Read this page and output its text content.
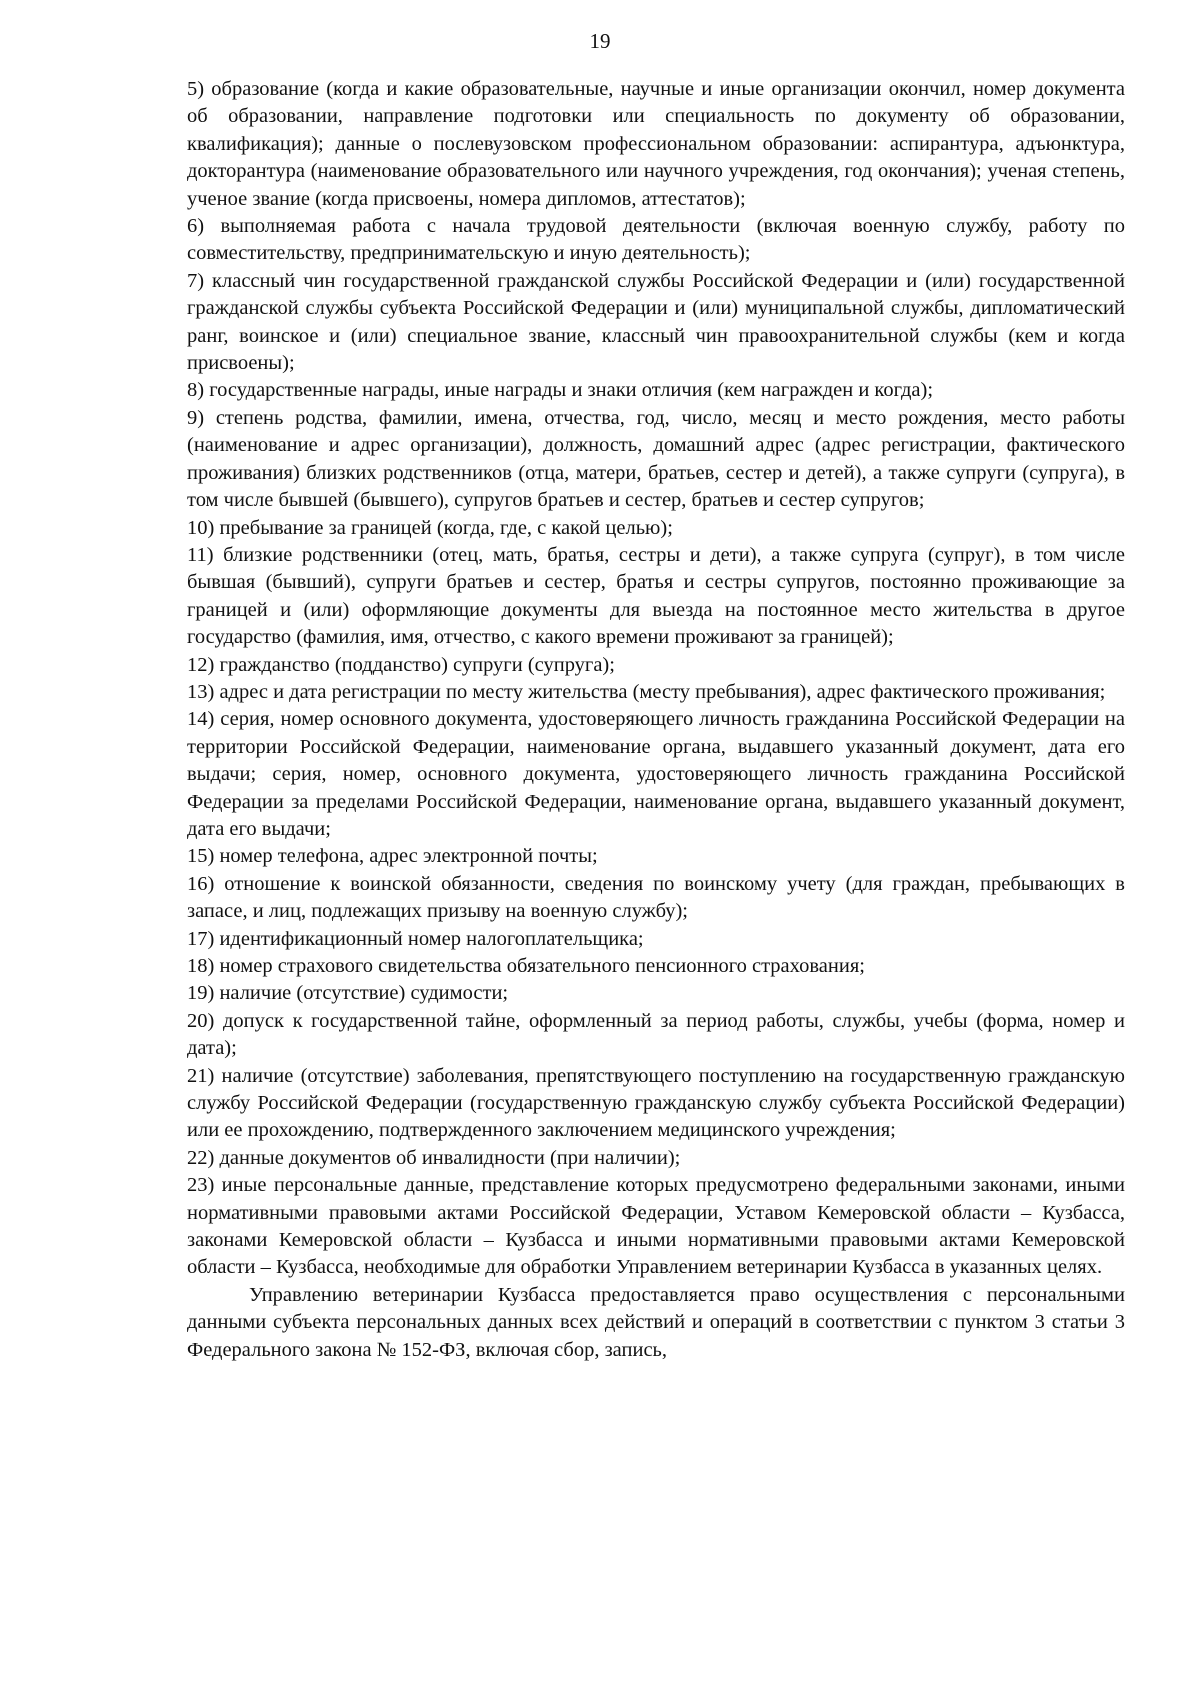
19

5) образование (когда и какие образовательные, научные и иные организации окончил, номер документа об образовании, направление подготовки или специальность по документу об образовании, квалификация); данные о послевузовском профессиональном образовании: аспирантура, адъюнктура, докторантура (наименование образовательного или научного учреждения, год окончания); ученая степень, ученое звание (когда присвоены, номера дипломов, аттестатов);

6) выполняемая работа с начала трудовой деятельности (включая военную службу, работу по совместительству, предпринимательскую и иную деятельность);

7) классный чин государственной гражданской службы Российской Федерации и (или) государственной гражданской службы субъекта Российской Федерации и (или) муниципальной службы, дипломатический ранг, воинское и (или) специальное звание, классный чин правоохранительной службы (кем и когда присвоены);

8) государственные награды, иные награды и знаки отличия (кем награжден и когда);

9) степень родства, фамилии, имена, отчества, год, число, месяц и место рождения, место работы (наименование и адрес организации), должность, домашний адрес (адрес регистрации, фактического проживания) близких родственников (отца, матери, братьев, сестер и детей), а также супруги (супруга), в том числе бывшей (бывшего), супругов братьев и сестер, братьев и сестер супругов;

10) пребывание за границей (когда, где, с какой целью);

11) близкие родственники (отец, мать, братья, сестры и дети), а также супруга (супруг), в том числе бывшая (бывший), супруги братьев и сестер, братья и сестры супругов, постоянно проживающие за границей и (или) оформляющие документы для выезда на постоянное место жительства в другое государство (фамилия, имя, отчество, с какого времени проживают за границей);

12) гражданство (подданство) супруги (супруга);

13) адрес и дата регистрации по месту жительства (месту пребывания), адрес фактического проживания;

14) серия, номер основного документа, удостоверяющего личность гражданина Российской Федерации на территории Российской Федерации, наименование органа, выдавшего указанный документ, дата его выдачи; серия, номер, основного документа, удостоверяющего личность гражданина Российской Федерации за пределами Российской Федерации, наименование органа, выдавшего указанный документ, дата его выдачи;

15) номер телефона, адрес электронной почты;

16) отношение к воинской обязанности, сведения по воинскому учету (для граждан, пребывающих в запасе, и лиц, подлежащих призыву на военную службу);

17) идентификационный номер налогоплательщика;

18) номер страхового свидетельства обязательного пенсионного страхования;

19) наличие (отсутствие) судимости;

20) допуск к государственной тайне, оформленный за период работы, службы, учебы (форма, номер и дата);

21) наличие (отсутствие) заболевания, препятствующего поступлению на государственную гражданскую службу Российской Федерации (государственную гражданскую службу субъекта Российской Федерации) или ее прохождению, подтвержденного заключением медицинского учреждения;

22) данные документов об инвалидности (при наличии);

23) иные персональные данные, представление которых предусмотрено федеральными законами, иными нормативными правовыми актами Российской Федерации, Уставом Кемеровской области – Кузбасса, законами Кемеровской области – Кузбасса и иными нормативными правовыми актами Кемеровской области – Кузбасса, необходимые для обработки Управлением ветеринарии Кузбасса в указанных целях.

Управлению ветеринарии Кузбасса предоставляется право осуществления с персональными данными субъекта персональных данных всех действий и операций в соответствии с пунктом 3 статьи 3 Федерального закона № 152-ФЗ, включая сбор, запись,
